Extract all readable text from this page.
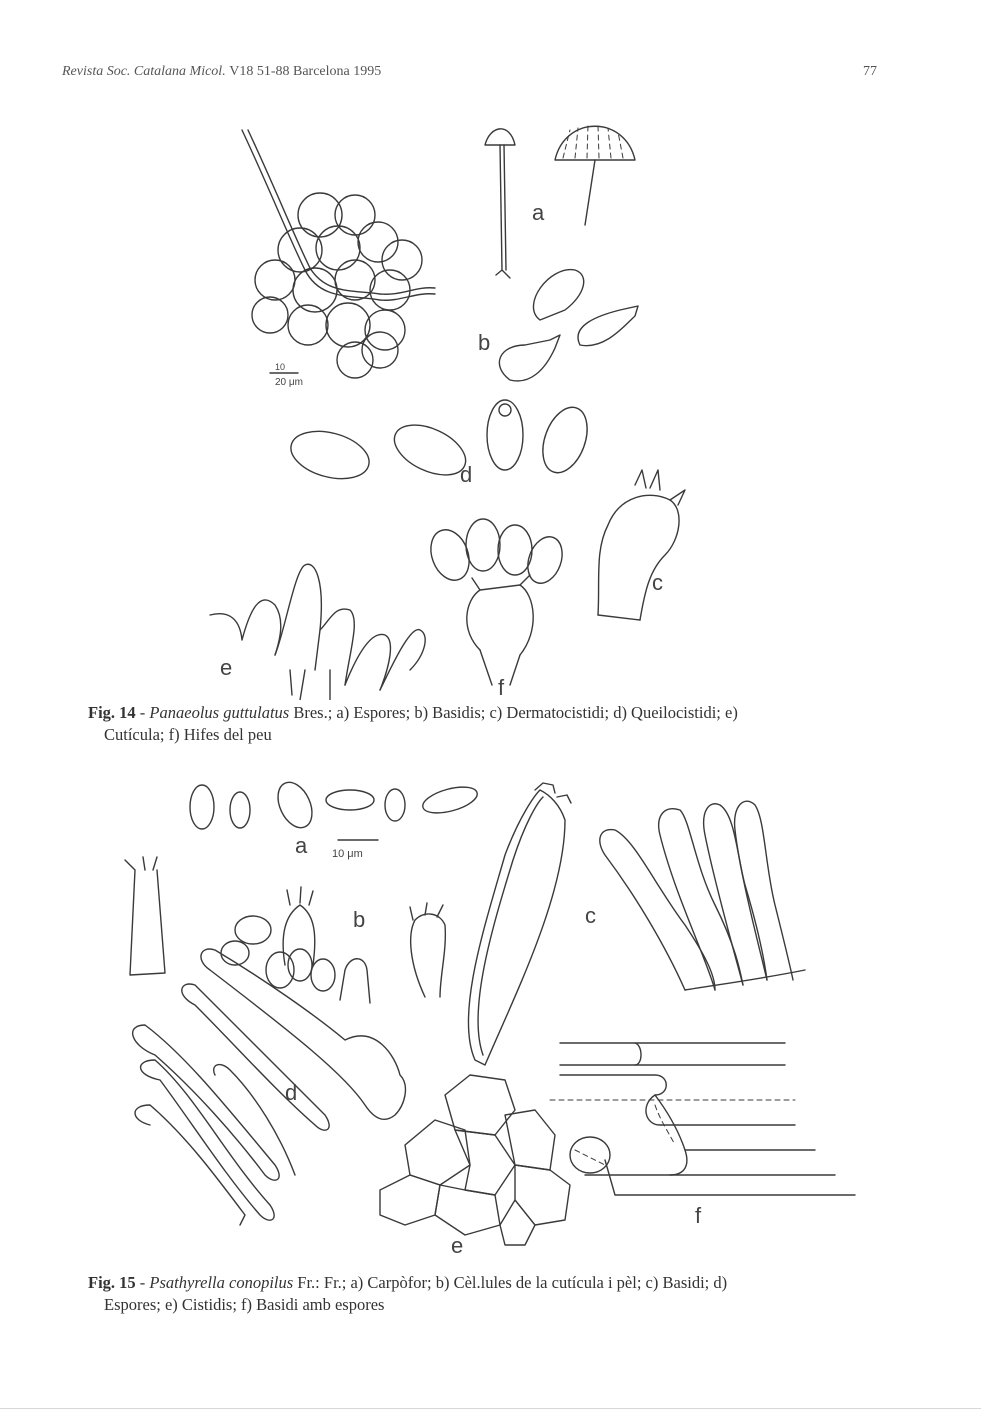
Revista Soc. Catalana Micol. V18 51-88 Barcelona 1995	77
10
20 μm
a
b
d
c
f
e
Fig. 14 - Panaeolus guttulatus Bres.; a) Espores; b) Basidis; c) Dermatocistidi; d) Queilocistidi; e)
Cutícula; f) Hifes del peu
a 10 μm
b	c
d
e
f
Fig. 15 - Psathyrella conopilus Fr.: Fr.; a) Carpòfor; b) Cèl.lules de la cutícula i pèl; c) Basidi; d)
Espores; e) Cistidis; f) Basidi amb espores
